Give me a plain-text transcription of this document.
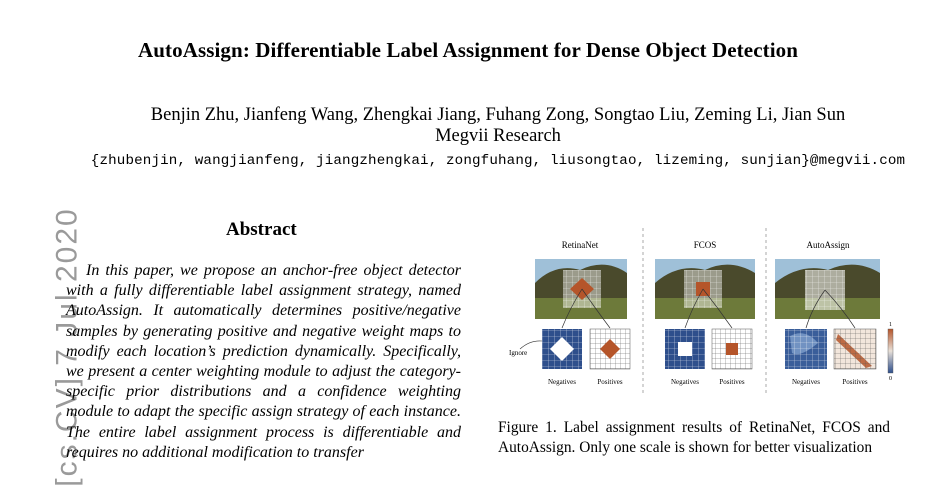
AutoAssign: Differentiable Label Assignment for Dense Object Detection
Benjin Zhu, Jianfeng Wang, Zhengkai Jiang, Fuhang Zong, Songtao Liu, Zeming Li, Jian Sun
Megvii Research
{zhubenjin, wangjianfeng, jiangzhengkai, zongfuhang, liusongtao, lizeming, sunjian}@megvii.com
[cs.CV] 7 Jul 2020	Abstract
In this paper, we propose an anchor-free object detector with a fully differentiable label assignment strategy, named AutoAssign. It automatically determines positive/negative samples by generating positive and negative weight maps to modify each location’s prediction dynamically. Specifically, we present a center weighting module to adjust the category-specific prior distributions and a confidence weighting module to adapt the specific assign strategy of each instance. The entire label assignment process is differentiable and requires no additional modification to transfer
RetinaNet
Negatives	Positives
Ignore
FCOS
Negatives	Positives
AutoAssign
Negatives	Positives
1
0
Figure 1. Label assignment results of RetinaNet, FCOS and AutoAssign. Only one scale is shown for better visualization
